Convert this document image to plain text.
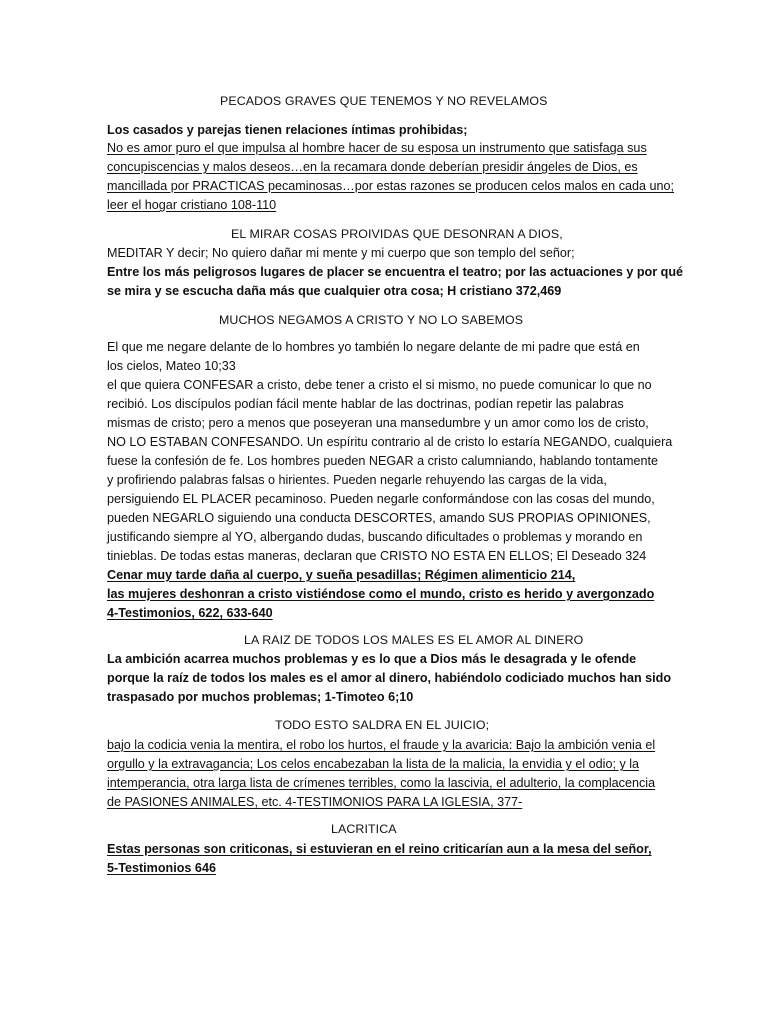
PECADOS GRAVES QUE TENEMOS Y NO REVELAMOS
Los casados y parejas tienen relaciones íntimas prohibidas;
No es amor puro el que impulsa al hombre hacer de su esposa un instrumento que satisfaga sus
concupiscencias y malos deseos…en la recamara donde deberían presidir ángeles de Dios, es
mancillada por PRACTICAS pecaminosas…por estas razones se producen celos malos en cada uno;
leer el hogar cristiano 108-110
EL MIRAR COSAS PROIVIDAS QUE DESONRAN A DIOS,
MEDITAR Y decir; No quiero dañar mi mente y mi cuerpo que son templo del señor;
Entre los más peligrosos lugares de placer se encuentra el teatro; por las actuaciones y por qué
se mira y se escucha daña más que cualquier otra cosa; H cristiano 372,469
MUCHOS NEGAMOS A CRISTO Y NO LO SABEMOS
El que me negare delante de lo hombres yo también lo negare delante de mi padre que está en
los cielos, Mateo 10;33
el que quiera CONFESAR a cristo, debe tener a cristo el si mismo, no puede comunicar lo que no
recibió. Los discípulos podían fácil mente hablar de las doctrinas, podían repetir las palabras
mismas de cristo; pero a menos que poseyeran una mansedumbre y un amor como los de cristo,
NO LO ESTABAN CONFESANDO. Un espíritu contrario al de cristo lo estaría NEGANDO, cualquiera
fuese la confesión de fe. Los hombres pueden NEGAR a cristo calumniando, hablando tontamente
y profiriendo palabras falsas o hirientes. Pueden negarle rehuyendo las cargas de la vida,
persiguiendo EL PLACER pecaminoso. Pueden negarle conformándose con las cosas del mundo,
pueden NEGARLO siguiendo una conducta DESCORTES, amando SUS PROPIAS OPINIONES,
justificando siempre al YO, albergando dudas, buscando dificultades o problemas y morando en
tinieblas. De todas estas maneras, declaran que CRISTO NO ESTA EN ELLOS; El Deseado 324
Cenar muy tarde daña al cuerpo, y sueña pesadillas; Régimen alimenticio 214,
las mujeres deshonran a cristo vistiéndose como el mundo, cristo es herido y avergonzado
4-Testimonios, 622, 633-640
LA RAIZ DE TODOS LOS MALES ES EL AMOR AL DINERO
La ambición acarrea muchos problemas y es lo que a Dios más le desagrada y le ofende
porque la raíz de todos los males es el amor al dinero, habiéndolo codiciado muchos han sido
traspasado por muchos problemas; 1-Timoteo 6;10
TODO ESTO SALDRA EN EL JUICIO;
bajo la codicia venia la mentira, el robo los hurtos, el fraude y la avaricia: Bajo la ambición venia el
orgullo y la extravagancia; Los celos encabezaban la lista de la malicia, la envidia y el odio; y la
intemperancia, otra larga lista de crímenes terribles, como la lascivia, el adulterio, la complacencia
de PASIONES ANIMALES, etc. 4-TESTIMONIOS PARA LA IGLESIA, 377-
LACRITICA
Estas personas son criticonas, si estuvieran en el reino criticarían aun a la mesa del señor,
5-Testimonios 646
